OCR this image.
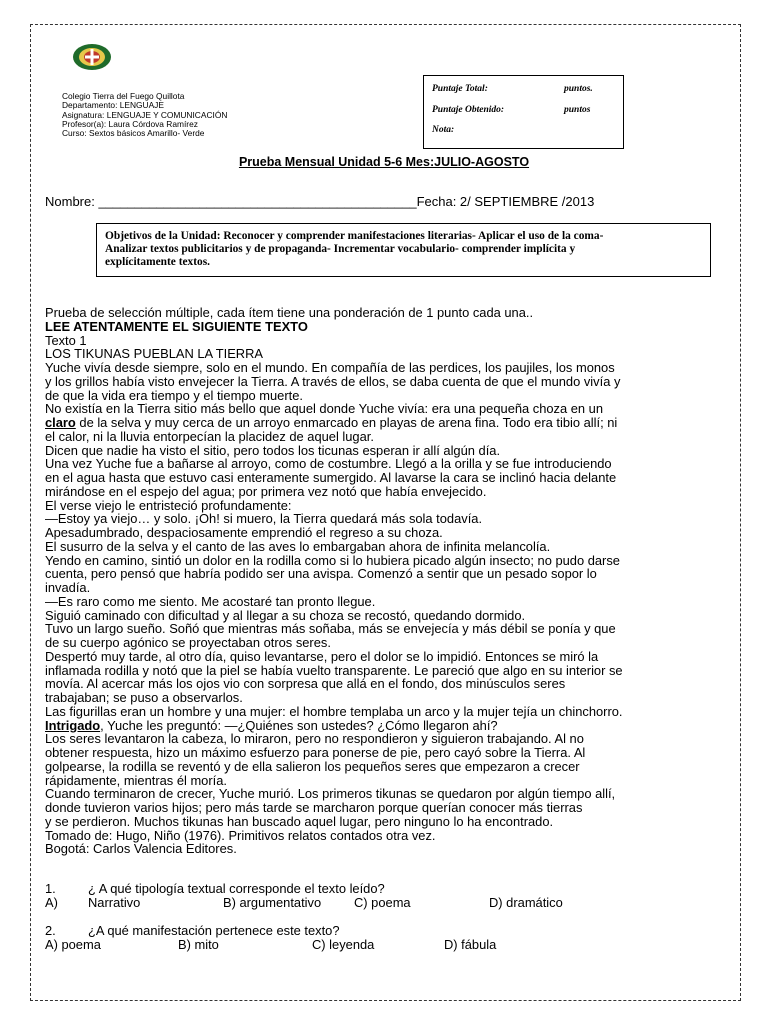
Colegio Tierra del Fuego Quillota
Departamento: LENGUAJE
Asignatura: LENGUAJE Y COMUNICACIÓN
Profesor(a): Laura Córdova Ramírez
Curso: Sextos básicos Amarillo- Verde
Puntaje Total:	puntos.
Puntaje Obtenido:	puntos
Nota:
Prueba Mensual Unidad 5-6 Mes:JULIO-AGOSTO
Nombre: ____________________________________________Fecha: 2/ SEPTIEMBRE /2013
Objetivos de la Unidad: Reconocer y comprender manifestaciones literarias- Aplicar el uso de la coma-
Analizar textos publicitarios y de propaganda- Incrementar vocabulario- comprender implícita y
explícitamente textos.

Prueba de selección múltiple, cada ítem tiene una ponderación de 1 punto cada una..

LEE ATENTAMENTE EL SIGUIENTE TEXTO

Texto 1

LOS TIKUNAS PUEBLAN LA TIERRA

Yuche vivía desde siempre, solo en el mundo. En compañía de las perdices, los paujiles, los monos

y los grillos había visto envejecer la Tierra. A través de ellos, se daba cuenta de que el mundo vivía y

de que la vida era tiempo y el tiempo muerte.

No existía en la Tierra sitio más bello que aquel donde Yuche vivía: era una pequeña choza en un

claro de la selva y muy cerca de un arroyo enmarcado en playas de arena fina. Todo era tibio allí; ni

el calor, ni la lluvia entorpecían la placidez de aquel lugar.

Dicen que nadie ha visto el sitio, pero todos los ticunas esperan ir allí algún día.

Una vez Yuche fue a bañarse al arroyo, como de costumbre. Llegó a la orilla y se fue introduciendo

en el agua hasta que estuvo casi enteramente sumergido. Al lavarse la cara se inclinó hacia delante

mirándose en el espejo del agua; por primera vez notó que había envejecido.

El verse viejo le entristeció profundamente:

—Estoy ya viejo… y solo. ¡Oh! si muero, la Tierra quedará más sola todavía.

Apesadumbrado, despaciosamente emprendió el regreso a su choza.

El susurro de la selva y el canto de las aves lo embargaban ahora de infinita melancolía.

Yendo en camino, sintió un dolor en la rodilla como si lo hubiera picado algún insecto; no pudo darse

cuenta, pero pensó que habría podido ser una avispa. Comenzó a sentir que un pesado sopor lo

invadía.

—Es raro como me siento. Me acostaré tan pronto llegue.

Siguió caminado con dificultad y al llegar a su choza se recostó, quedando dormido.

Tuvo un largo sueño. Soñó que mientras más soñaba, más se envejecía y más débil se ponía y que

de su cuerpo agónico se proyectaban otros seres.

Despertó muy tarde, al otro día, quiso levantarse, pero el dolor se lo impidió. Entonces se miró la

inflamada rodilla y notó que la piel se había vuelto transparente. Le pareció que algo en su interior se

movía. Al acercar más los ojos vio con sorpresa que allá en el fondo, dos minúsculos seres

trabajaban; se puso a observarlos.

Las figurillas eran un hombre y una mujer: el hombre templaba un arco y la mujer tejía un chinchorro.

Intrigado, Yuche les preguntó: —¿Quiénes son ustedes? ¿Cómo llegaron ahí?

Los seres levantaron la cabeza, lo miraron, pero no respondieron y siguieron trabajando. Al no

obtener respuesta, hizo un máximo esfuerzo para ponerse de pie, pero cayó sobre la Tierra. Al

golpearse, la rodilla se reventó y de ella salieron los pequeños seres que empezaron a crecer

rápidamente, mientras él moría.

Cuando terminaron de crecer, Yuche murió. Los primeros tikunas se quedaron por algún tiempo allí,

donde tuvieron varios hijos; pero más tarde se marcharon porque querían conocer más tierras

y se perdieron. Muchos tikunas han buscado aquel lugar, pero ninguno lo ha encontrado.

Tomado de: Hugo, Niño (1976). Primitivos relatos contados otra vez.

Bogotá: Carlos Valencia Editores.

1. ¿ A qué tipología textual corresponde el texto leído?
A) Narrativo	B) argumentativo	C) poema	D) dramático
2. ¿A qué manifestación pertenece este texto?
A) poema	B) mito	C) leyenda	D) fábula
